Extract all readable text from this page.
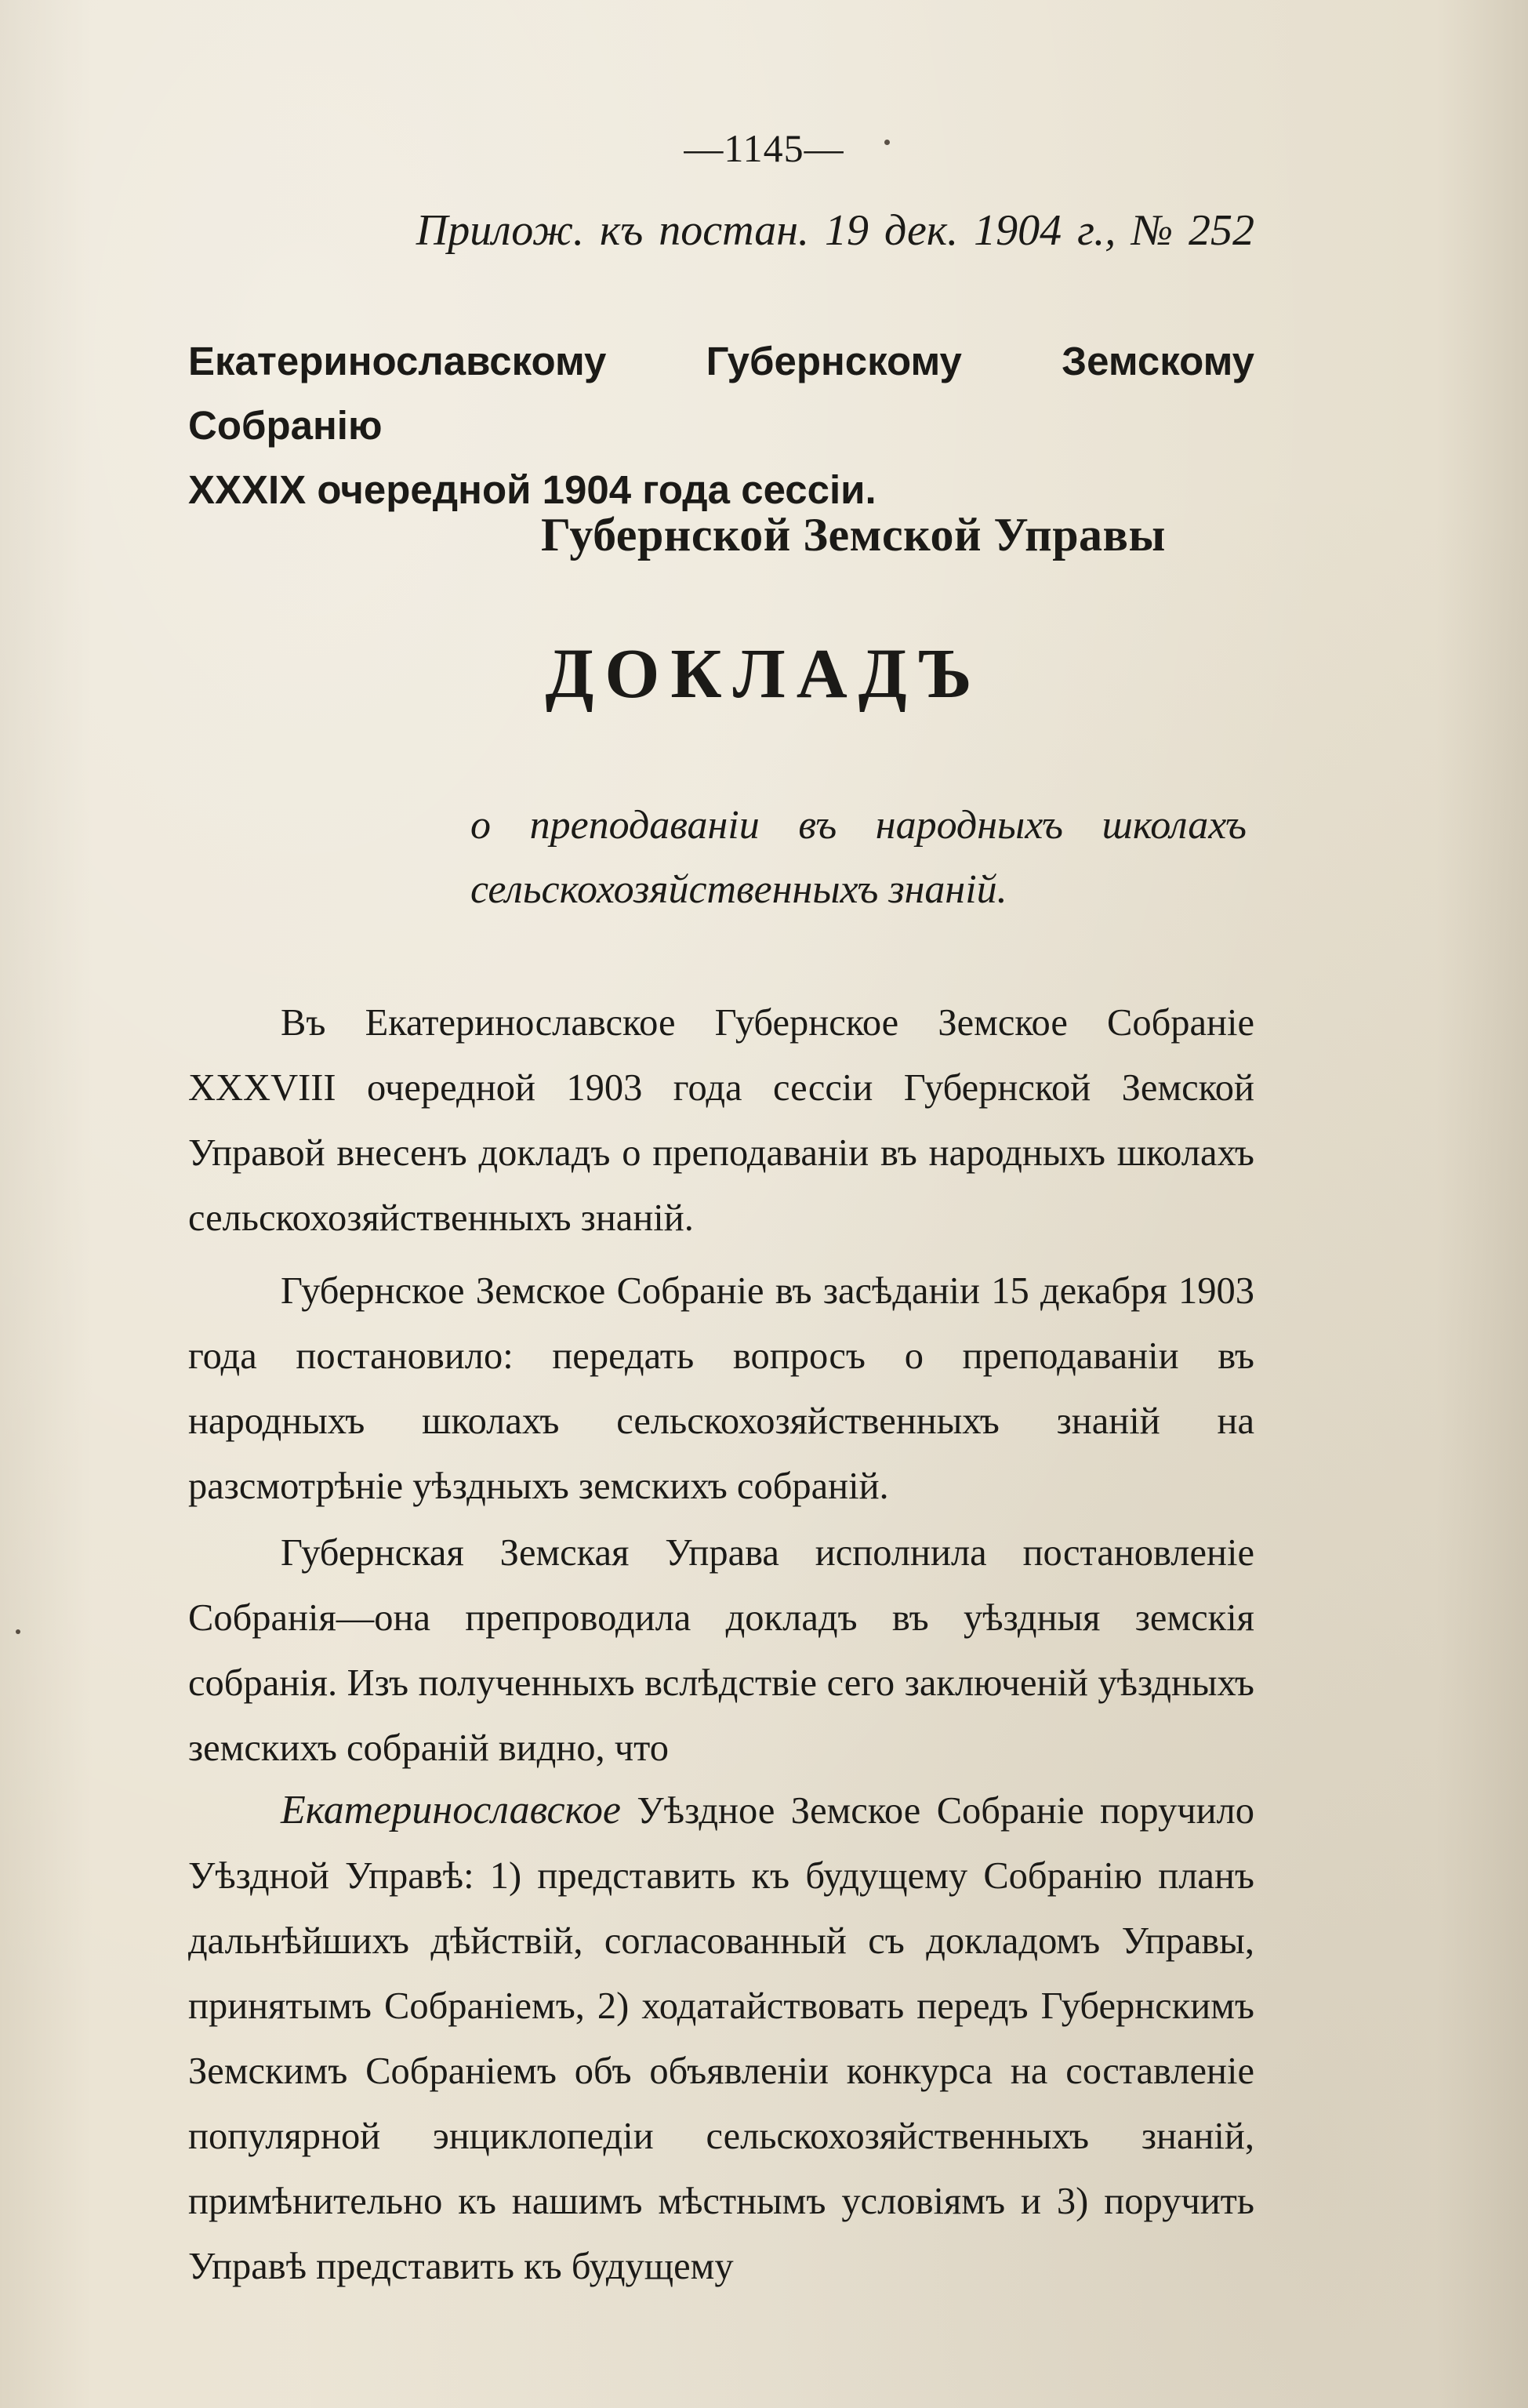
—1145—
Прилож. къ постан. 19 дек. 1904 г., № 252
Екатеринославскому Губернскому Земскому Собранію
XXXIX очередной 1904 года сессіи.
Губернской Земской Управы
ДОКЛАДЪ
о преподаваніи въ народныхъ школахъ
сельскохозяйственныхъ знаній.

Въ Екатеринославское Губернское Земское Собраніе XXXVIII очередной 1903 года сессіи Губернской Земской Управой внесенъ докладъ о преподаваніи въ народныхъ школахъ сельскохозяйственныхъ знаній.

Губернское Земское Собраніе въ засѣданіи 15 декабря 1903 года постановило: передать вопросъ о преподаваніи въ народныхъ школахъ сельскохозяйственныхъ знаній на разсмотрѣніе уѣздныхъ земскихъ собраній.

Губернская Земская Управа исполнила постановленіе Собранія—она препроводила докладъ въ уѣздныя земскія собранія. Изъ полученныхъ вслѣдствіе сего заключеній уѣздныхъ земскихъ собраній видно, что

Екатеринославское Уѣздное Земское Собраніе поручило Уѣздной Управѣ: 1) представить къ будущему Собранію планъ дальнѣйшихъ дѣйствій, согласованный съ докладомъ Управы, принятымъ Собраніемъ, 2) ходатайствовать передъ Губернскимъ Земскимъ Собраніемъ объ объявленіи конкурса на составленіе популярной энциклопедіи сельскохозяйственныхъ знаній, примѣнительно къ нашимъ мѣстнымъ условіямъ и 3) поручить Управѣ представить къ будущему
